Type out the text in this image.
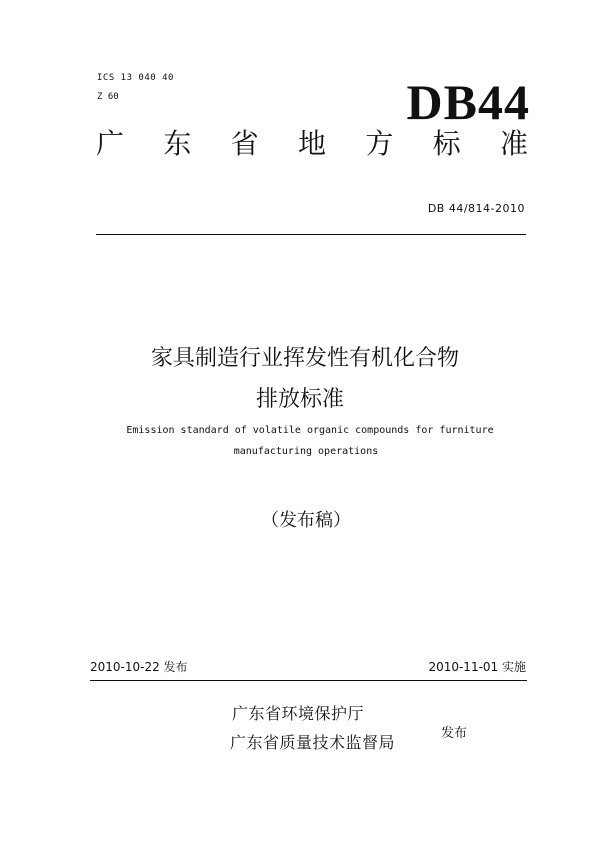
ICS 13 040 40
Z 60	DB44
广 东 省 地 方 标 准
DB 44/814-2010
家具制造行业挥发性有机化合物
排放标准
Emission standard of volatile organic compounds for furniture
manufacturing operations
（发布稿）
2010-10-22 发布	2010-11-01 实施
广东省环境保护厅
广东省质量技术监督局	发布
